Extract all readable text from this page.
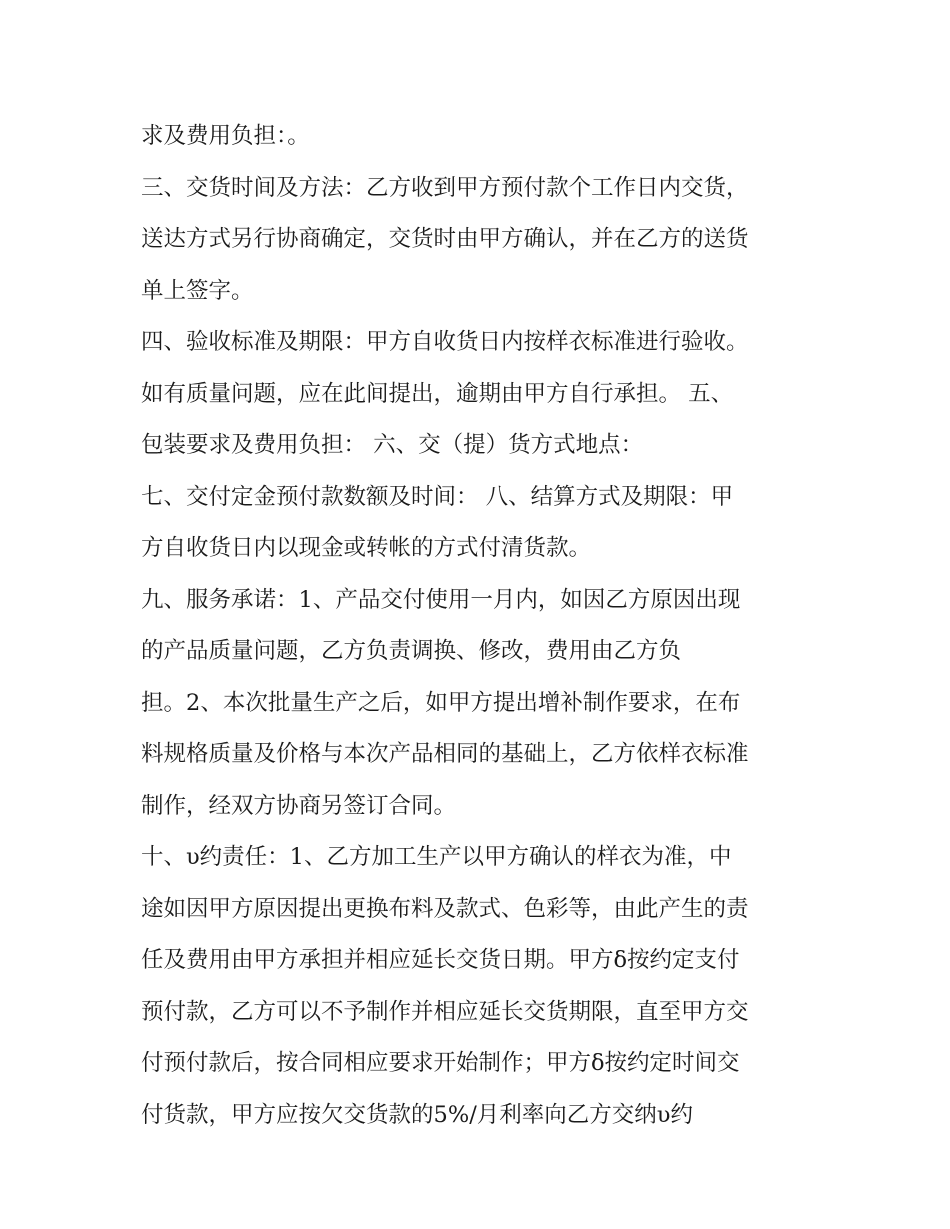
求及费用负担：。
三、交货时间及方法：乙方收到甲方预付款个工作日内交货，
送达方式另行协商确定，交货时由甲方确认，并在乙方的送货
单上签字。
四、验收标准及期限：甲方自收货日内按样衣标准进行验收。
如有质量问题，应在此间提出，逾期由甲方自行承担。 五、
包装要求及费用负担： 六、交（提）货方式地点：
七、交付定金预付款数额及时间： 八、结算方式及期限：甲
方自收货日内以现金或转帐的方式付清货款。
九、服务承诺：1、产品交付使用一月内，如因乙方原因出现
的产品质量问题，乙方负责调换、修改，费用由乙方负
担。2、本次批量生产之后，如甲方提出增补制作要求，在布
料规格质量及价格与本次产品相同的基础上，乙方依样衣标准
制作，经双方协商另签订合同。
十、υ约责任：1、乙方加工生产以甲方确认的样衣为准，中
途如因甲方原因提出更换布料及款式、色彩等，由此产生的责
任及费用由甲方承担并相应延长交货日期。甲方δ按约定支付
预付款，乙方可以不予制作并相应延长交货期限，直至甲方交
付预付款后，按合同相应要求开始制作；甲方δ按约定时间交
付货款，甲方应按欠交货款的5%/月利率向乙方交纳υ约
